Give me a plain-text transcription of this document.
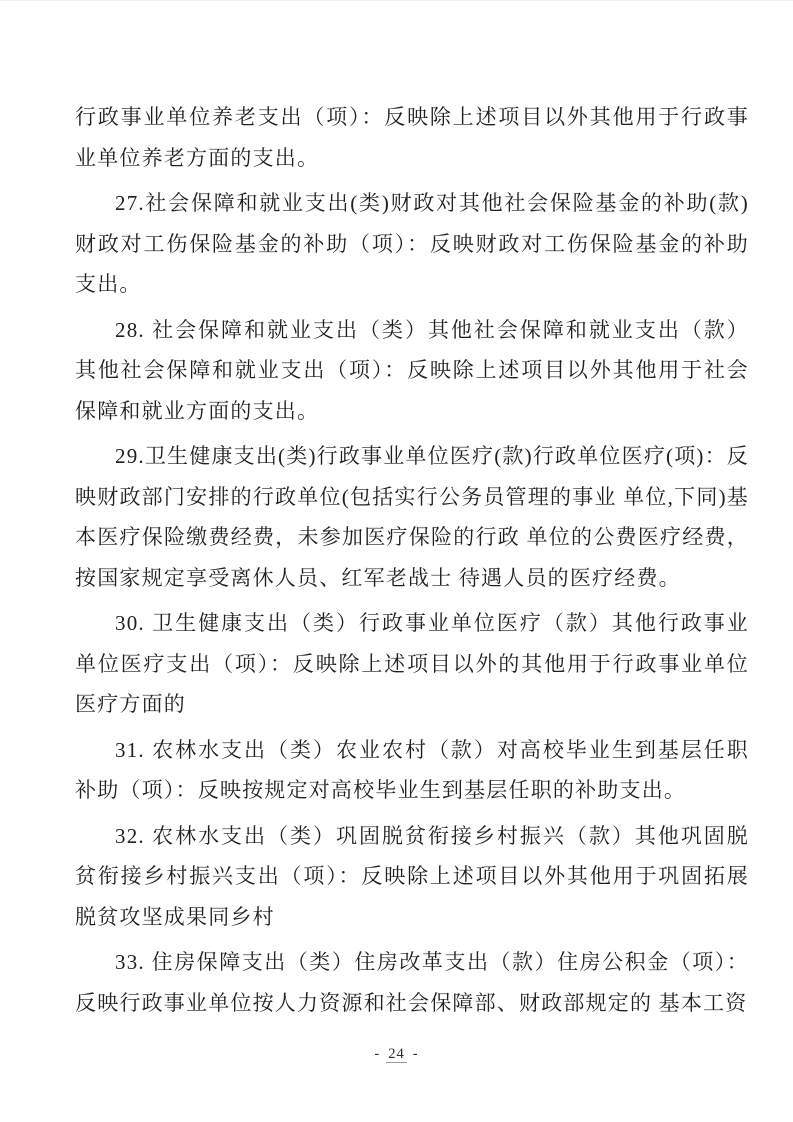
行政事业单位养老支出（项）：反映除上述项目以外其他用于行政事业单位养老方面的支出。

27.社会保障和就业支出(类)财政对其他社会保险基金的补助(款)财政对工伤保险基金的补助（项）：反映财政对工伤保险基金的补助支出。

28. 社会保障和就业支出（类）其他社会保障和就业支出（款）其他社会保障和就业支出（项）：反映除上述项目以外其他用于社会保障和就业方面的支出。

29.卫生健康支出(类)行政事业单位医疗(款)行政单位医疗(项)：反映财政部门安排的行政单位(包括实行公务员管理的事业 单位,下同)基本医疗保险缴费经费，未参加医疗保险的行政 单位的公费医疗经费，按国家规定享受离休人员、红军老战士 待遇人员的医疗经费。

30. 卫生健康支出（类）行政事业单位医疗（款）其他行政事业单位医疗支出（项）：反映除上述项目以外的其他用于行政事业单位医疗方面的

31. 农林水支出（类）农业农村（款）对高校毕业生到基层任职补助（项）：反映按规定对高校毕业生到基层任职的补助支出。

32. 农林水支出（类）巩固脱贫衔接乡村振兴（款）其他巩固脱贫衔接乡村振兴支出（项）：反映除上述项目以外其他用于巩固拓展脱贫攻坚成果同乡村

33. 住房保障支出（类）住房改革支出（款）住房公积金（项）：反映行政事业单位按人力资源和社会保障部、财政部规定的 基本工资

- 24 -
